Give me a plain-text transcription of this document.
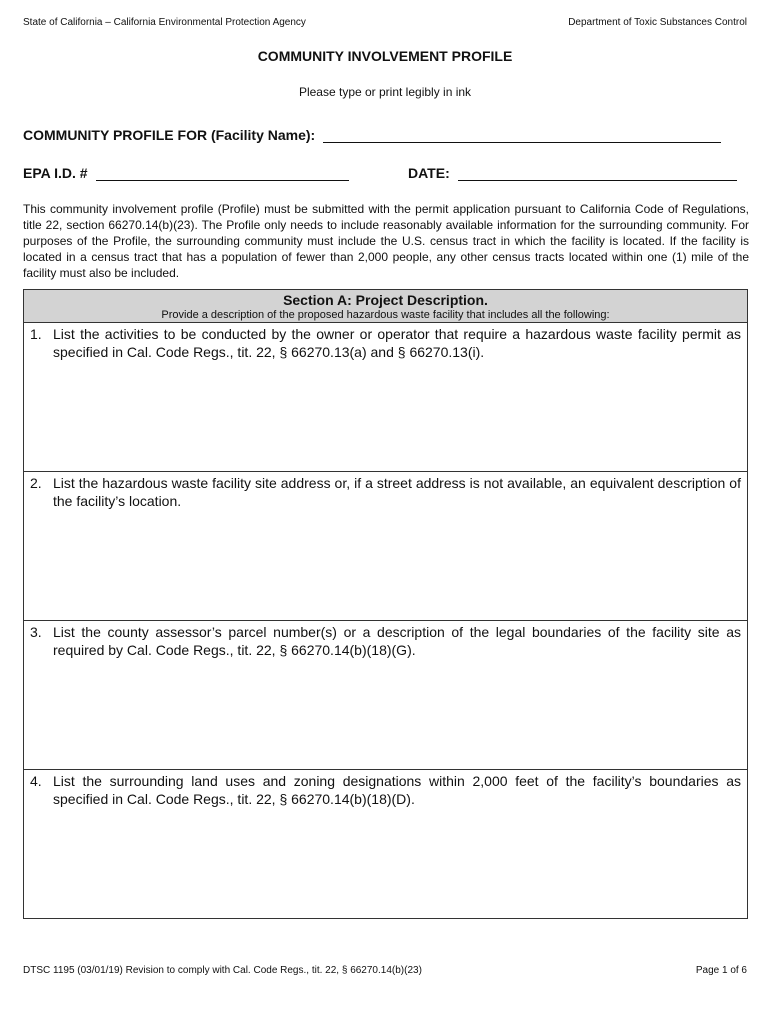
State of California – California Environmental Protection Agency	Department of Toxic Substances Control
COMMUNITY INVOLVEMENT PROFILE
Please type or print legibly in ink
COMMUNITY PROFILE FOR (Facility Name):
EPA I.D. #	DATE:
This community involvement profile (Profile) must be submitted with the permit application pursuant to California Code of Regulations, title 22, section 66270.14(b)(23). The Profile only needs to include reasonably available information for the surrounding community. For purposes of the Profile, the surrounding community must include the U.S. census tract in which the facility is located. If the facility is located in a census tract that has a population of fewer than 2,000 people, any other census tracts located within one (1) mile of the facility must also be included.
Section A: Project Description.
Provide a description of the proposed hazardous waste facility that includes all the following:
1. List the activities to be conducted by the owner or operator that require a hazardous waste facility permit as specified in Cal. Code Regs., tit. 22, § 66270.13(a) and § 66270.13(i).
2. List the hazardous waste facility site address or, if a street address is not available, an equivalent description of the facility’s location.
3. List the county assessor’s parcel number(s) or a description of the legal boundaries of the facility site as required by Cal. Code Regs., tit. 22, § 66270.14(b)(18)(G).
4. List the surrounding land uses and zoning designations within 2,000 feet of the facility’s boundaries as specified in Cal. Code Regs., tit. 22, § 66270.14(b)(18)(D).
DTSC 1195 (03/01/19) Revision to comply with Cal. Code Regs., tit. 22, § 66270.14(b)(23)	Page 1 of 6
